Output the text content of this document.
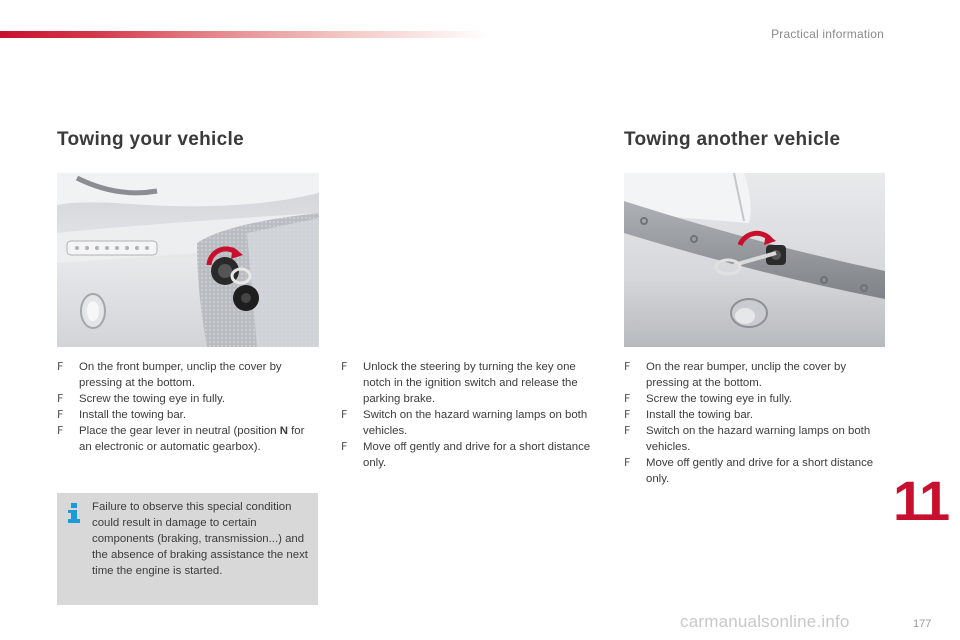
Practical information
Towing your vehicle
F On the front bumper, unclip the cover by pressing at the bottom.
F Screw the towing eye in fully.
F Install the towing bar.
F Place the gear lever in neutral (position N for an electronic or automatic gearbox).
Failure to observe this special condition could result in damage to certain components (braking, transmission...) and the absence of braking assistance the next time the engine is started.
F Unlock the steering by turning the key one notch in the ignition switch and release the parking brake.
F Switch on the hazard warning lamps on both vehicles.
F Move off gently and drive for a short distance only.
Towing another vehicle
F On the rear bumper, unclip the cover by pressing at the bottom.
F Screw the towing eye in fully.
F Install the towing bar.
F Switch on the hazard warning lamps on both vehicles.
F Move off gently and drive for a short distance only.	11
177
carmanualsonline.info
